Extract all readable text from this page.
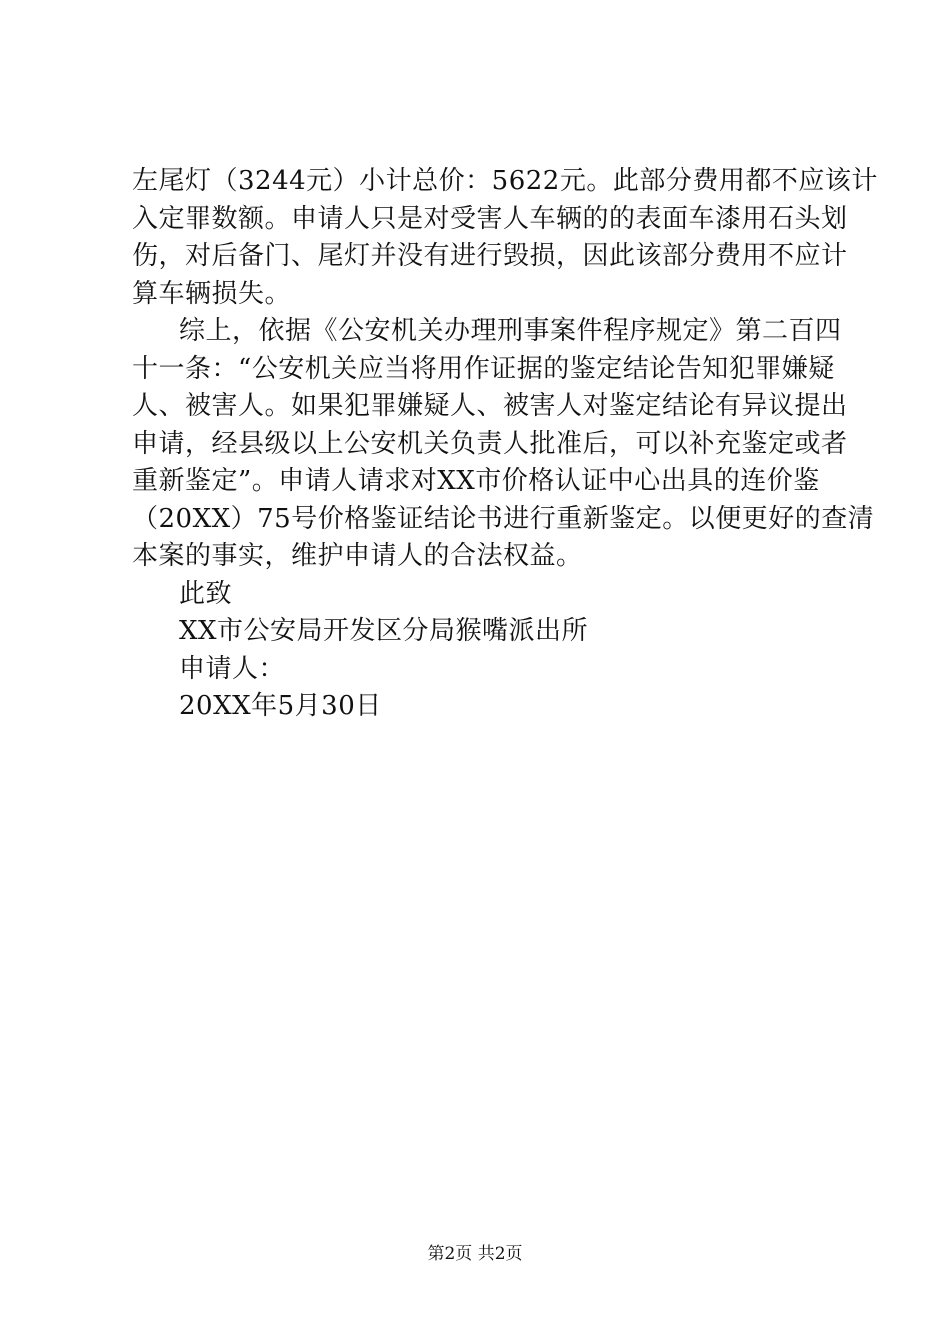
左尾灯（3244元）小计总价：5622元。此部分费用都不应该计
入定罪数额。申请人只是对受害人车辆的的表面车漆用石头划
伤，对后备门、尾灯并没有进行毁损，因此该部分费用不应计
算车辆损失。
综上，依据《公安机关办理刑事案件程序规定》第二百四
十一条：“公安机关应当将用作证据的鉴定结论告知犯罪嫌疑
人、被害人。如果犯罪嫌疑人、被害人对鉴定结论有异议提出
申请，经县级以上公安机关负责人批准后，可以补充鉴定或者
重新鉴定”。申请人请求对XX市价格认证中心出具的连价鉴
（20XX）75号价格鉴证结论书进行重新鉴定。以便更好的查清
本案的事实，维护申请人的合法权益。
此致
XX市公安局开发区分局猴嘴派出所
申请人：
20XX年5月30日
第2页 共2页
